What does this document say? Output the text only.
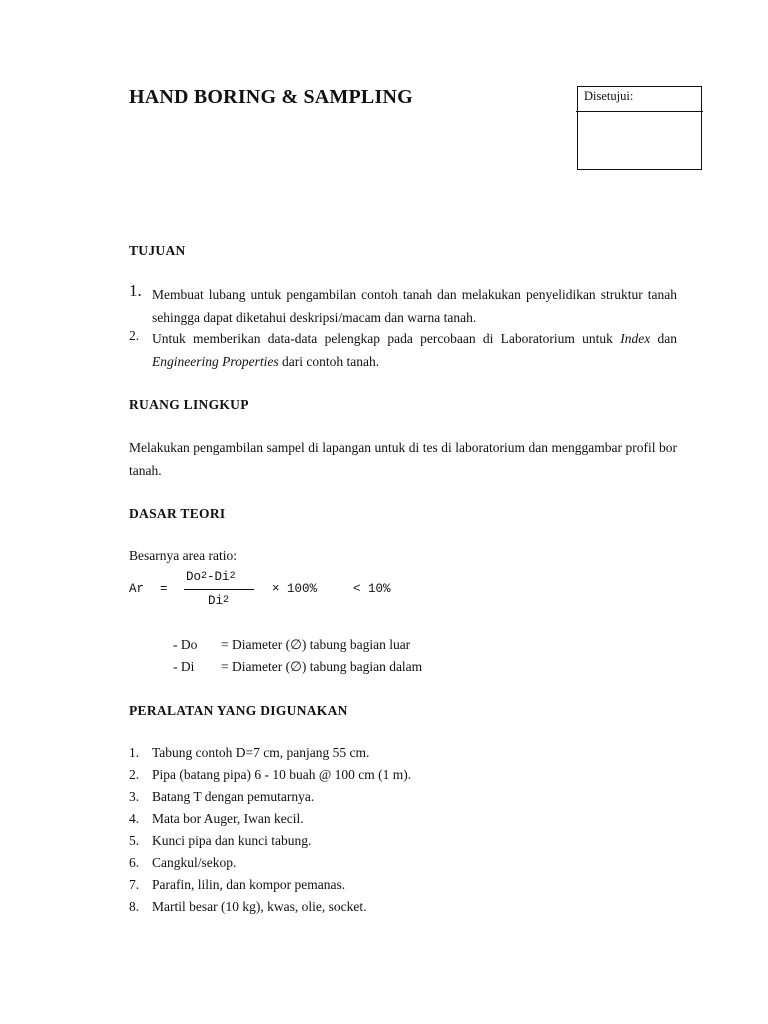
HAND BORING & SAMPLING	Disetujui:
TUJUAN
1. Membuat lubang untuk pengambilan contoh tanah dan melakukan penyelidikan struktur tanah sehingga dapat diketahui deskripsi/macam dan warna tanah.
2. Untuk memberikan data-data pelengkap pada percobaan di Laboratorium untuk Index dan Engineering Properties dari contoh tanah.
RUANG LINGKUP
Melakukan pengambilan sampel di lapangan untuk di tes di laboratorium dan menggambar profil bor tanah.
DASAR TEORI
Besarnya area ratio:
Ar =
$Do^2-Di^2$
$Di^2$
× 100%	< 10%
- Do = Diameter (∅) tabung bagian luar
- Di = Diameter (∅) tabung bagian dalam
PERALATAN YANG DIGUNAKAN
1. Tabung contoh D=7 cm, panjang 55 cm.
2. Pipa (batang pipa) 6 - 10 buah @ 100 cm (1 m).
3. Batang T dengan pemutarnya.
4. Mata bor Auger, Iwan kecil.
5. Kunci pipa dan kunci tabung.
6. Cangkul/sekop.
7. Parafin, lilin, dan kompor pemanas.
8. Martil besar (10 kg), kwas, olie, socket.
